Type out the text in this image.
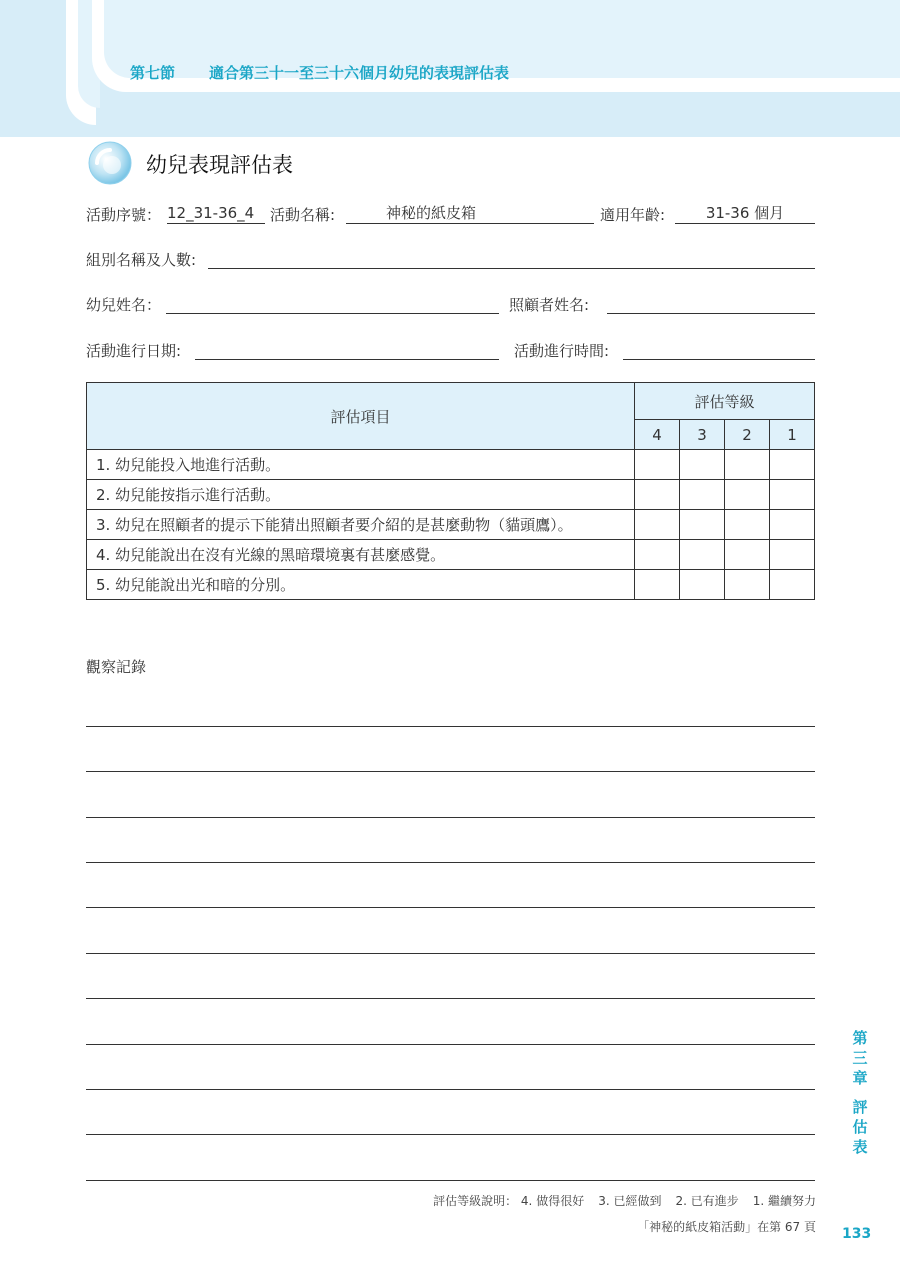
第七節 適合第三十一至三十六個月幼兒的表現評估表
幼兒表現評估表
活動序號： 12_31-36_4	活動名稱:	神秘的紙皮箱	適用年齡:	31-36 個月
組別名稱及人數:
幼兒姓名：	照顧者姓名:
活動進行日期:	活動進行時間:
評估項目	評估等級			
	4	3	2	1
1. 幼兒能投入地進行活動。				
2. 幼兒能按指示進行活動。				
3. 幼兒在照顧者的提示下能猜出照顧者要介紹的是甚麼動物（貓頭鷹）。				
4. 幼兒能說出在沒有光線的黑暗環境裏有甚麼感覺。				
5. 幼兒能說出光和暗的分別。				
觀察記錄
評估等級說明： 4. 做得很好 3. 已經做到 2. 已有進步 1. 繼續努力
「神秘的紙皮箱活動」在第 67 頁 133
第
三
章
評
估
表
